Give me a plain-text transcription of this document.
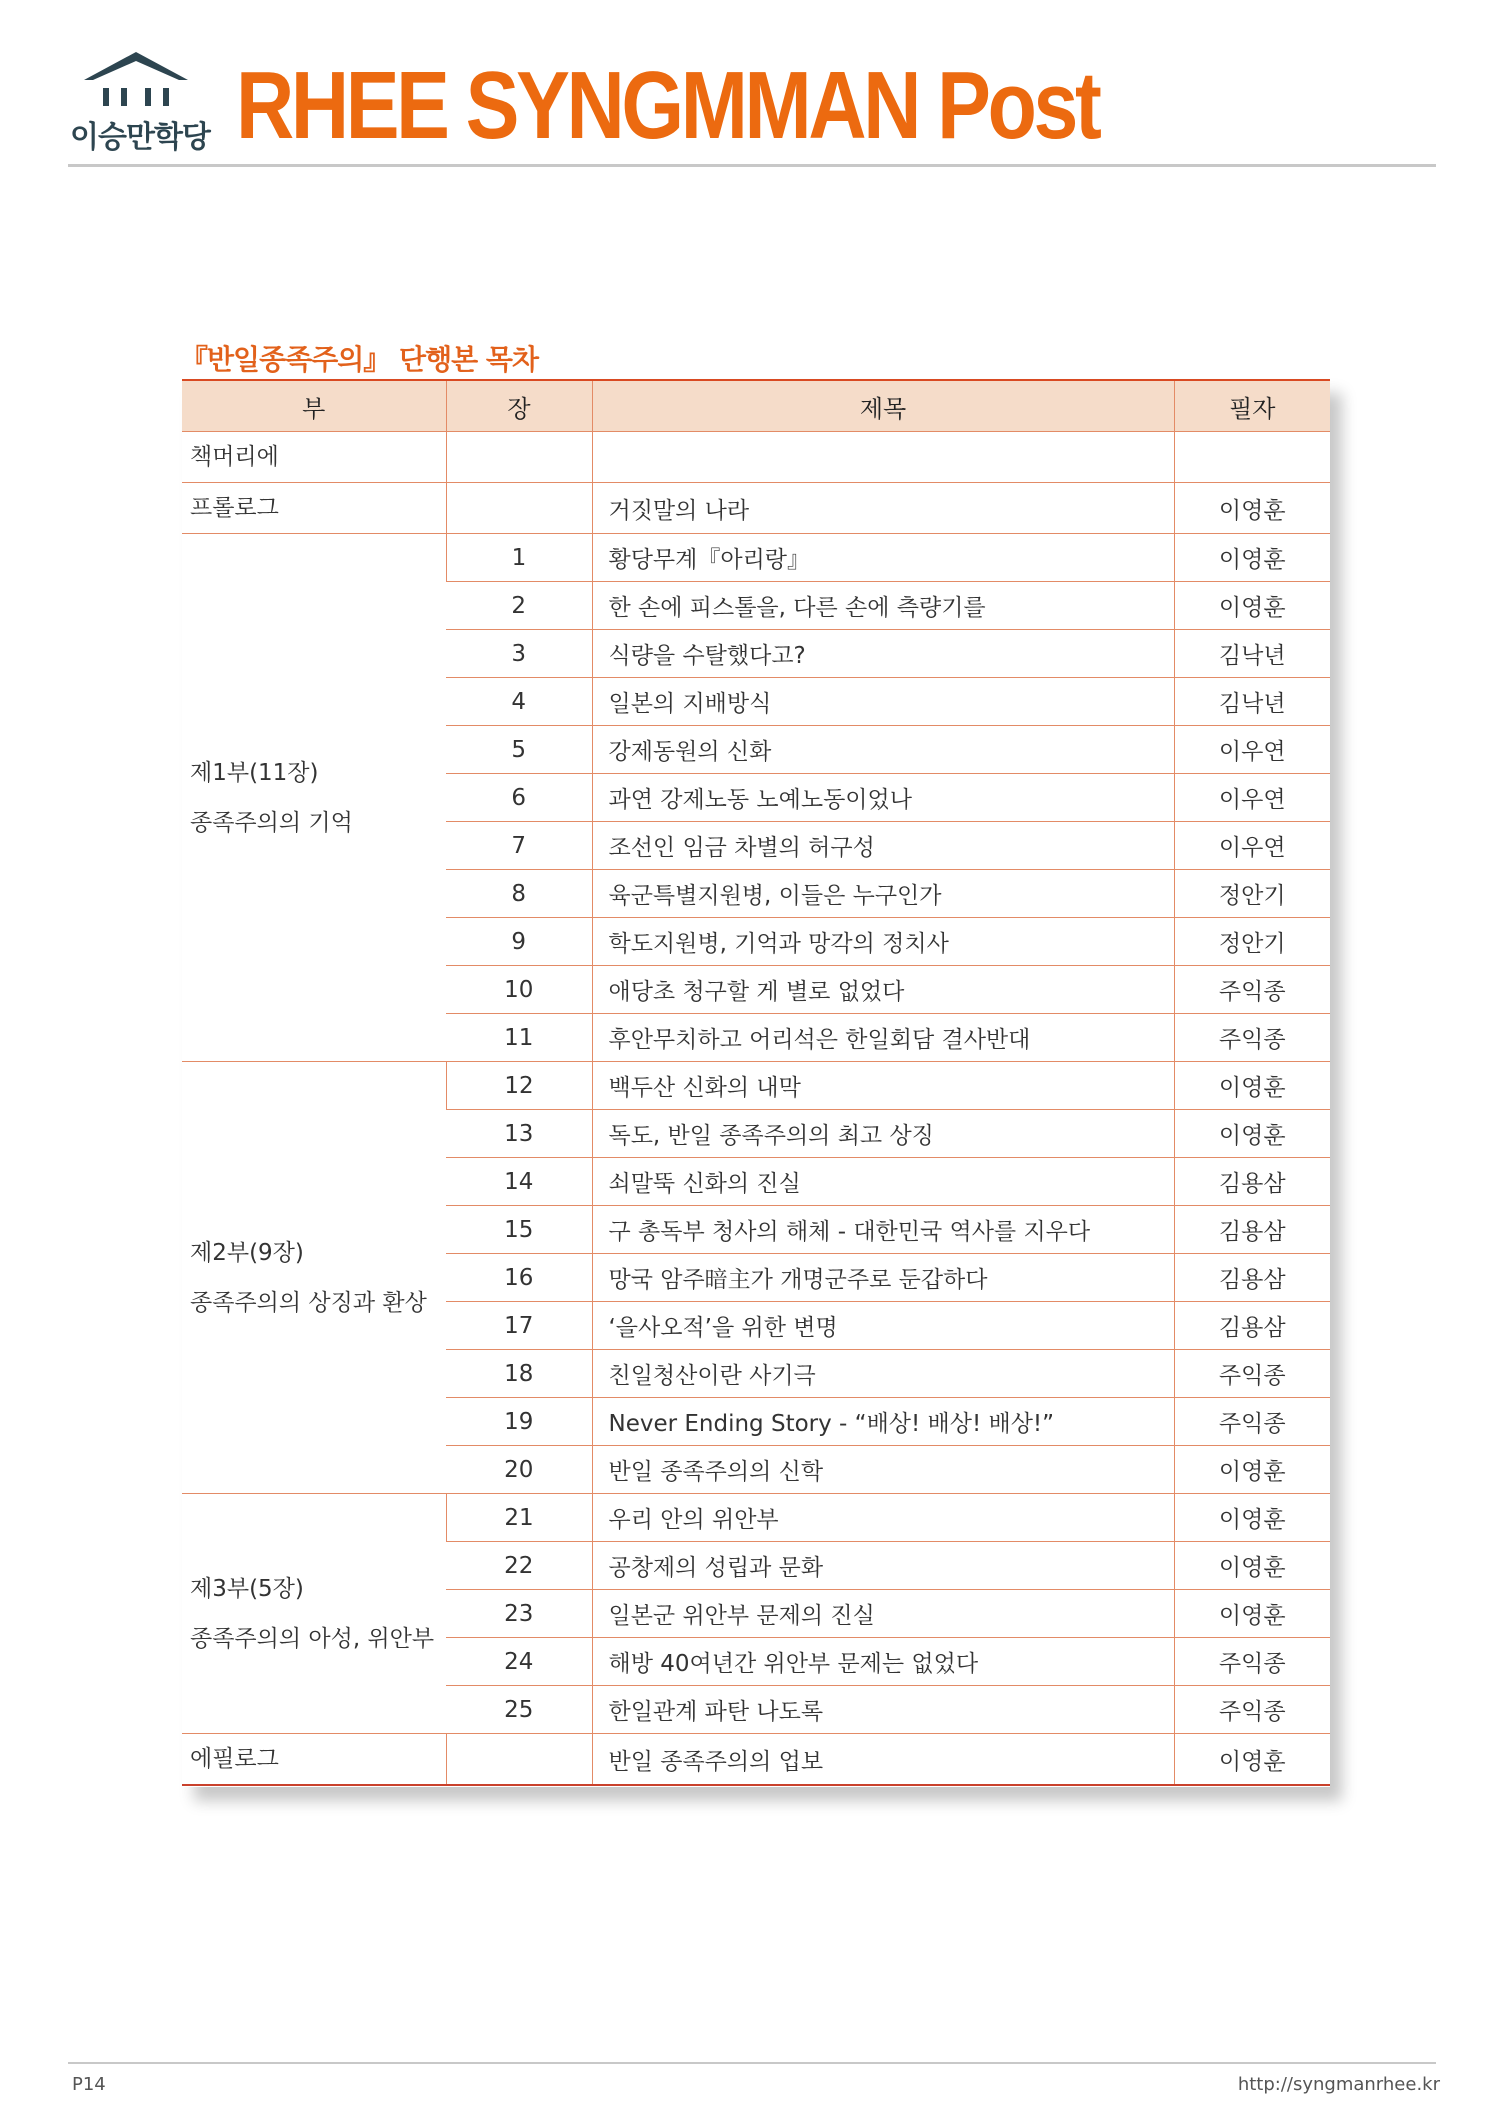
이승만학당 RHEE SYNGMMAN Post
『반일종족주의』 단행본 목차
부	장	제목	필자

책머리에			

프롤로그		거짓말의 나라	이영훈

제1부(11장)
종족주의의 기억	1	황당무계『아리랑』	이영훈
	2	한 손에 피스톨을, 다른 손에 측량기를	이영훈
	3	식량을 수탈했다고?	김낙년
	4	일본의 지배방식	김낙년
	5	강제동원의 신화	이우연
	6	과연 강제노동 노예노동이었나	이우연
	7	조선인 임금 차별의 허구성	이우연
	8	육군특별지원병, 이들은 누구인가	정안기
	9	학도지원병, 기억과 망각의 정치사	정안기
	10	애당초 청구할 게 별로 없었다	주익종
	11	후안무치하고 어리석은 한일회담 결사반대	주익종

제2부(9장)
종족주의의 상징과 환상	12	백두산 신화의 내막	이영훈
	13	독도, 반일 종족주의의 최고 상징	이영훈
	14	쇠말뚝 신화의 진실	김용삼
	15	구 총독부 청사의 해체 - 대한민국 역사를 지우다	김용삼
	16	망국 암주暗主가 개명군주로 둔갑하다	김용삼
	17	‘을사오적’을 위한 변명	김용삼
	18	친일청산이란 사기극	주익종
	19	Never Ending Story - “배상! 배상! 배상!”	주익종
	20	반일 종족주의의 신학	이영훈

제3부(5장)
종족주의의 아성, 위안부	21	우리 안의 위안부	이영훈
	22	공창제의 성립과 문화	이영훈
	23	일본군 위안부 문제의 진실	이영훈
	24	해방 40여년간 위안부 문제는 없었다	주익종
	25	한일관계 파탄 나도록	주익종

에필로그		반일 종족주의의 업보	이영훈
P14	http://syngmanrhee.kr
